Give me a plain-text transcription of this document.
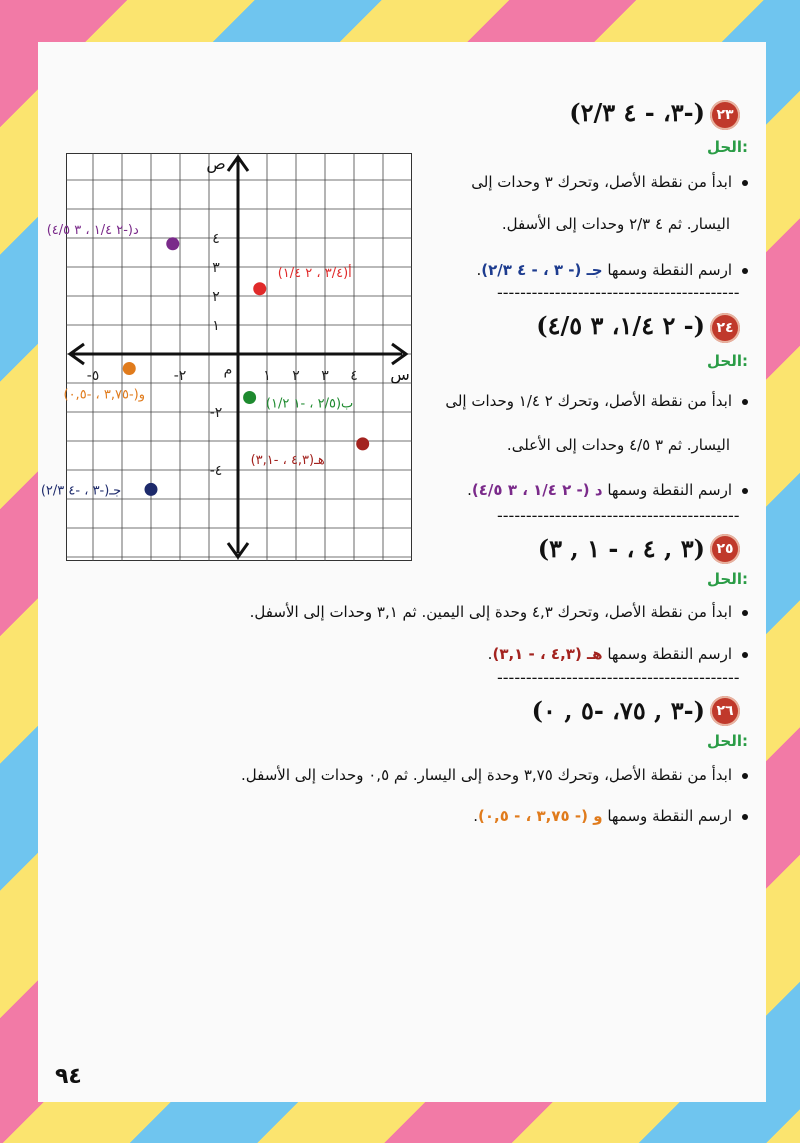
س
ص
م ١ ٢ ٣ ٤
-٢
-٥
٤
٣
٢
١
-٢
-٤
أ(٣/٤ ، ٢ ١/٤)
ب(٢/٥ ، -١ ١/٢)
جـ(-٣ ، -٤ ٢/٣)
د(-٢ ١/٤ ، ٣ ٤/٥)
هـ(٤,٣ ، -٣,١)
و(-٣,٧٥ ، -٠,٥)
٢٣
(-٣، - ٤ ٢/٣)
الحل:
ابدأ من نقطة الأصل، وتحرك ٣ وحدات إلى
اليسار. ثم ٤ ٢/٣ وحدات إلى الأسفل.
ارسم النقطة وسمها جـ (- ٣ ، - ٤ ٢/٣).
------------------------------------------
٢٤
(- ٢ ١/٤، ٣ ٤/٥)
الحل:
ابدأ من نقطة الأصل، وتحرك ٢ ١/٤ وحدات إلى
اليسار. ثم ٣ ٤/٥ وحدات إلى الأعلى.
ارسم النقطة وسمها د (- ٢ ١/٤ ، ٣ ٤/٥).
------------------------------------------
٢٥
(٣ , ٤ ، - ١ , ٣)
الحل:
ابدأ من نقطة الأصل، وتحرك ٤,٣ وحدة إلى اليمين. ثم ٣,١ وحدات إلى الأسفل.
ارسم النقطة وسمها هـ (٤,٣ ، - ٣,١).
------------------------------------------
٢٦
(-٣ , ٧٥، -٥ , ٠)
الحل:
ابدأ من نقطة الأصل، وتحرك ٣,٧٥ وحدة إلى اليسار. ثم ٠,٥ وحدات إلى الأسفل.
ارسم النقطة وسمها و (- ٣,٧٥ ، - ٠,٥).
٩٤
